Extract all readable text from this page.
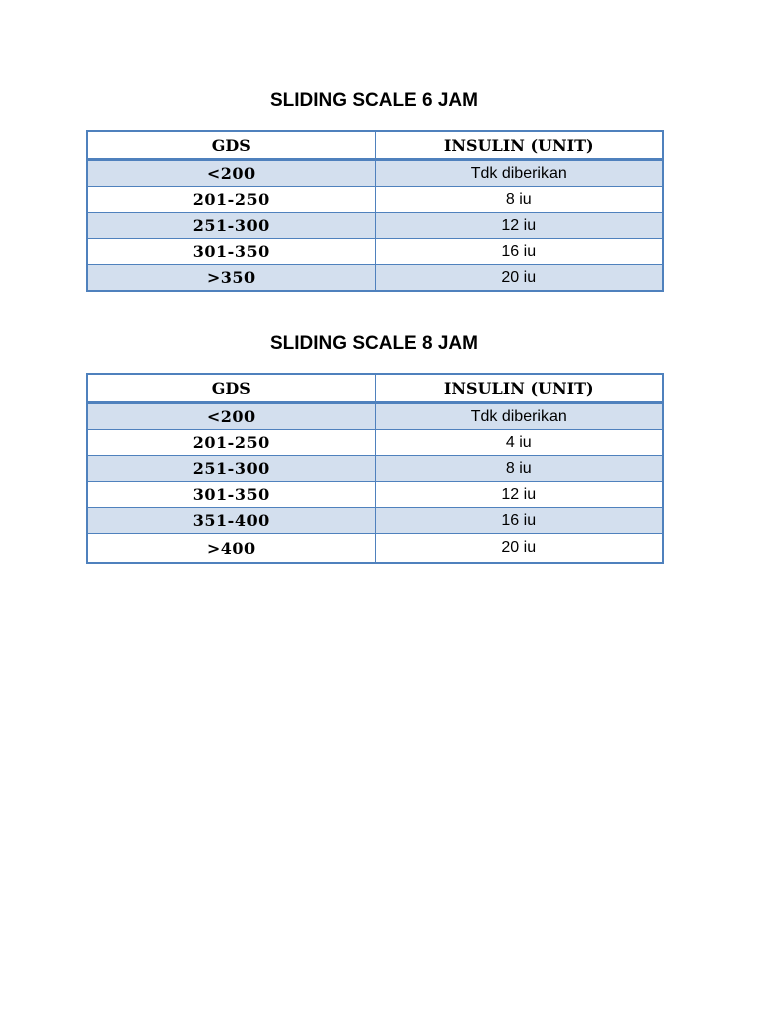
SLIDING SCALE 6 JAM
GDS	INSULIN (UNIT)
<200	Tdk diberikan
201-250	8 iu
251-300	12 iu
301-350	16 iu
>350	20 iu
SLIDING SCALE 8 JAM
GDS	INSULIN (UNIT)
<200	Tdk diberikan
201-250	4 iu
251-300	8 iu
301-350	12 iu
351-400	16 iu
>400	20 iu
